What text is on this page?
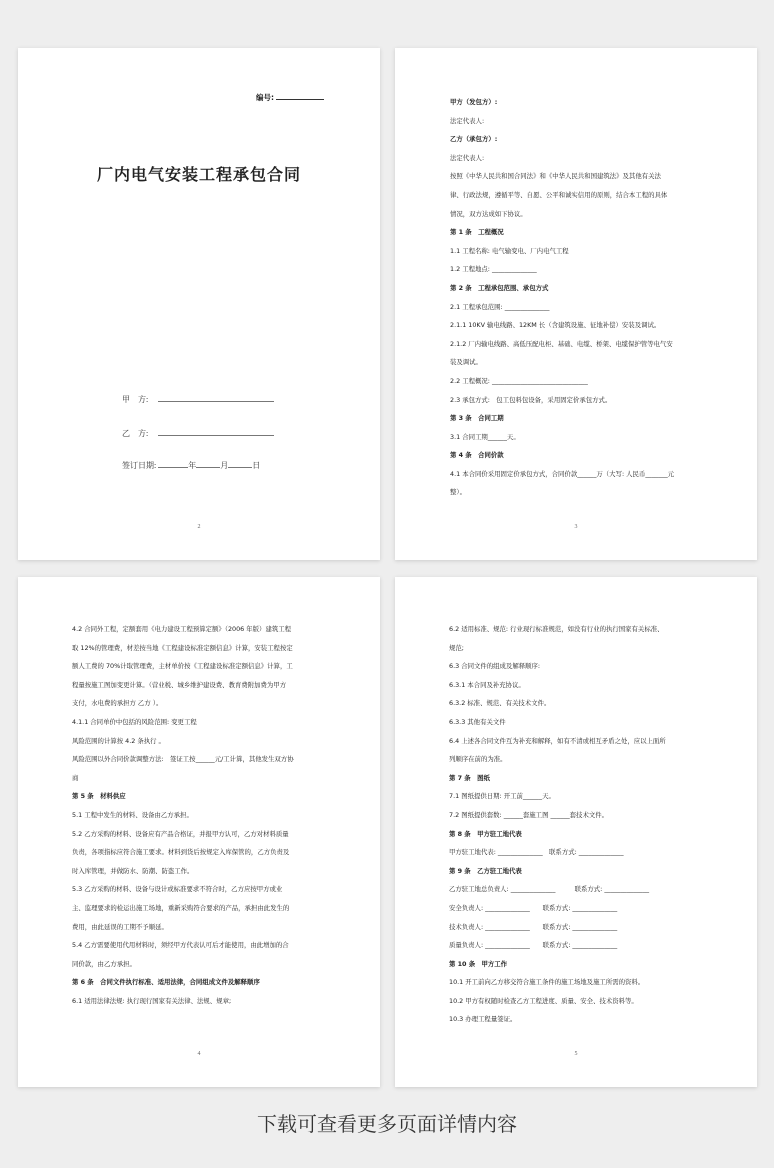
编号:
厂内电气安装工程承包合同
甲　方:
乙　方:
签订日期:	年	月	日
2
甲方（发包方）:
法定代表人:
乙方（承包方）:
法定代表人:
按照《中华人民共和国合同法》和《中华人民共和国建筑法》及其他有关法
律、行政法规，遵循平等、自愿、公平和诚实信用的原则，结合本工程的具体
情况，双方达成如下协议。
第 1 条　工程概况
1.1 工程名称: 电气输变电、厂内电气工程
1.2 工程地点: ______________
第 2 条　工程承包范围、承包方式
2.1 工程承包范围: ______________
2.1.1 10KV 输电线路、12KM 长（含建筑设施、征地补偿）安装及调试。
2.1.2 厂内输电线路、高低压配电柜、基础、电缆、桥架、电缆保护管等电气安
装及调试。
2.2 工程概况: ______________________________
2.3 承包方式:　包工包料包设备，采用固定价承包方式。
第 3 条　合同工期
3.1 合同工期______天。
第 4 条　合同价款
4.1 本合同价采用固定价承包方式，合同价款______万（大写: 人民币_______元
整）。
3
4.2 合同外工程，定额套用《电力建设工程预算定额》（2006 年版）建筑工程
取 12%的管理费，材差按当地《工程建设标准定额信息》计算，安装工程按定
额人工费的 70%计取管理费，主材单价按《工程建设标准定额信息》计算，工
程量按施工图加变更计算。（营业税、城乡维护建设费、教育费附加费为甲方
支付，水电费的承担方 乙方 ）。
4.1.1 合同单价中包括的风险范围: 变更工程
风险范围的计算按 4.2 条执行 。
风险范围以外合同价款调整方法:　签证工按______元/工计算，其他发生双方协
商
第 5 条　材料供应
5.1 工程中发生的材料、设备由乙方承担。
5.2 乙方采购的材料、设备应有产品合格证，并报甲方认可，乙方对材料质量
负责，各项指标应符合施工要求。材料到货后按规定入库保管的，乙方负责及
时入库管理，并做防水、防潮、防盗工作。
5.3 乙方采购的材料、设备与设计或标准要求不符合时，乙方应按甲方或业
主、监理要求的检运出施工场地，重新采购符合要求的产品，承担由此发生的
费用，由此延误的工期不予顺延。
5.4 乙方需要使用代用材料时，须经甲方代表认可后才能使用，由此增加的合
同价款，由乙方承担。
第 6 条　合同文件执行标准、适用法律，合同组成文件及解释顺序
6.1 适用法律法规: 执行现行国家有关法律、法规、规章;
4
6.2 适用标准、规范: 行业现行标准规范，如没有行业的执行国家有关标准、
规范;
6.3 合同文件的组成及解释顺序:
6.3.1 本合同及补充协议。
6.3.2 标准、规范、有关技术文件。
6.3.3 其他有关文件
6.4 上述各合同文件互为补充和解释，如有不清或相互矛盾之处，应以上面所
列顺序在前的为准。
第 7 条　图纸
7.1 图纸提供日期: 开工前______天。
7.2 图纸提供套数: ______套施工图 ______套技术文件。
第 8 条　甲方驻工地代表
甲方驻工地代表: ______________　联系方式: ______________
第 9 条　乙方驻工地代表
乙方驻工地总负责人: ______________　　　联系方式: ______________
安全负责人: ______________　　联系方式: ______________
技术负责人: ______________　　联系方式: ______________
质量负责人: ______________　　联系方式: ______________
第 10 条　甲方工作
10.1 开工前向乙方移交符合施工条件的施工场地及施工所需的资料。
10.2 甲方有权随时检查乙方工程进度、质量、安全、技术资料等。
10.3 办理工程量签证。
5
下载可查看更多页面详情内容
